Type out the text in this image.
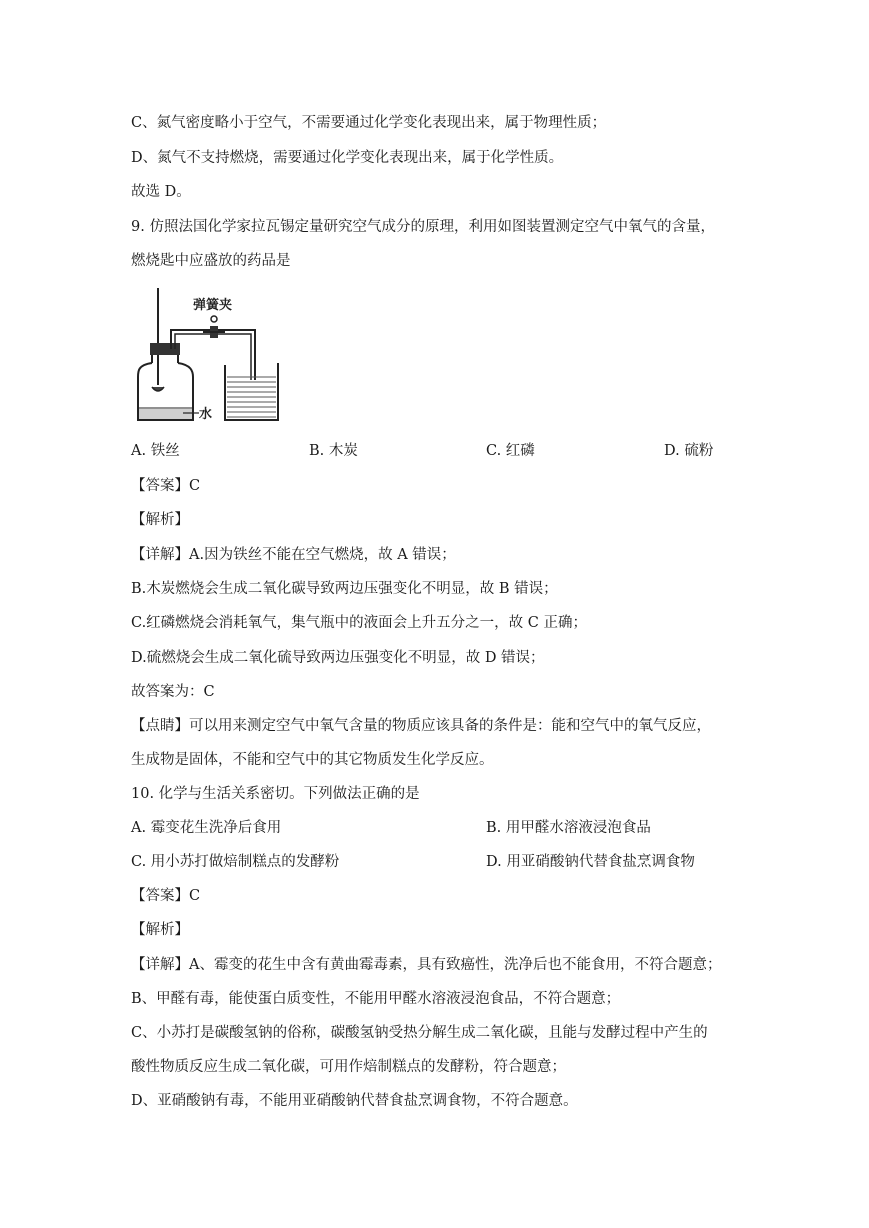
C、氮气密度略小于空气，不需要通过化学变化表现出来，属于物理性质；
D、氮气不支持燃烧，需要通过化学变化表现出来，属于化学性质。
故选 D。
9. 仿照法国化学家拉瓦锡定量研究空气成分的原理，利用如图装置测定空气中氧气的含量，
燃烧匙中应盛放的药品是
弹簧夹
水
A. 铁丝	B. 木炭	C. 红磷	D. 硫粉
【答案】C
【解析】
【详解】A.因为铁丝不能在空气燃烧，故 A 错误；
B.木炭燃烧会生成二氧化碳导致两边压强变化不明显，故 B 错误；
C.红磷燃烧会消耗氧气，集气瓶中的液面会上升五分之一，故 C 正确；
D.硫燃烧会生成二氧化硫导致两边压强变化不明显，故 D 错误；
故答案为：C
【点睛】可以用来测定空气中氧气含量的物质应该具备的条件是：能和空气中的氧气反应，
生成物是固体，不能和空气中的其它物质发生化学反应。
10. 化学与生活关系密切。下列做法正确的是
A. 霉变花生洗净后食用	B. 用甲醛水溶液浸泡食品
C. 用小苏打做焙制糕点的发酵粉	D. 用亚硝酸钠代替食盐烹调食物
【答案】C
【解析】
【详解】A、霉变的花生中含有黄曲霉毒素，具有致癌性，洗净后也不能食用，不符合题意；
B、甲醛有毒，能使蛋白质变性，不能用甲醛水溶液浸泡食品，不符合题意；
C、小苏打是碳酸氢钠的俗称，碳酸氢钠受热分解生成二氧化碳，且能与发酵过程中产生的
酸性物质反应生成二氧化碳，可用作焙制糕点的发酵粉，符合题意；
D、亚硝酸钠有毒，不能用亚硝酸钠代替食盐烹调食物，不符合题意。
